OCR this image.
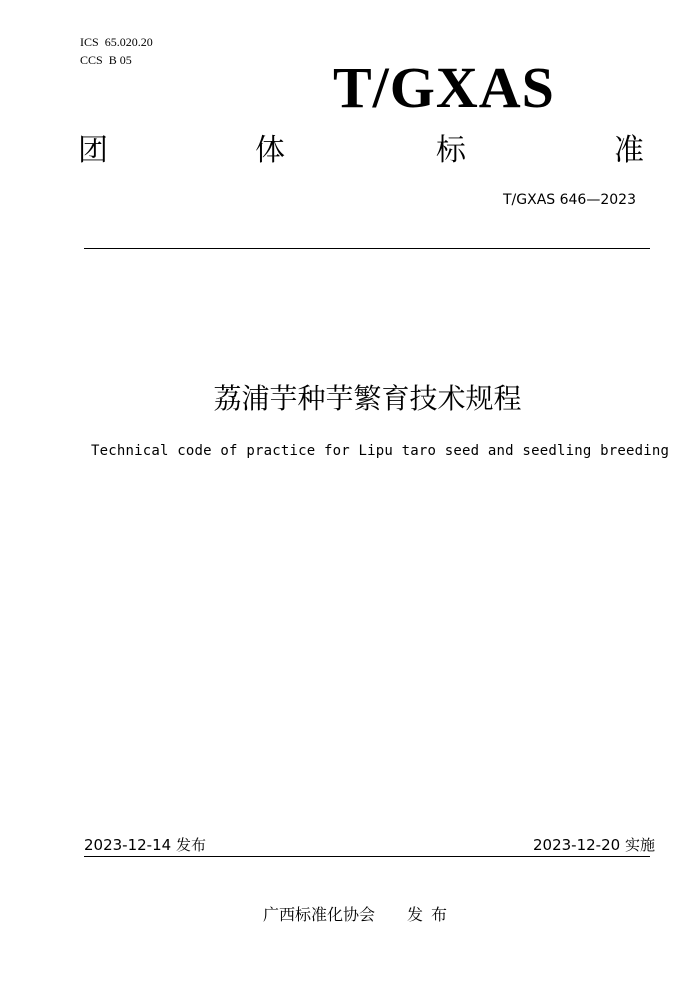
ICS 65.020.20
CCS B 05	T/GXAS
团	体	标	准
T/GXAS 646—2023
荔浦芋种芋繁育技术规程
Technical code of practice for Lipu taro seed and seedling breeding
2023-12-14 发布	2023-12-20 实施
广西标准化协会 发布
